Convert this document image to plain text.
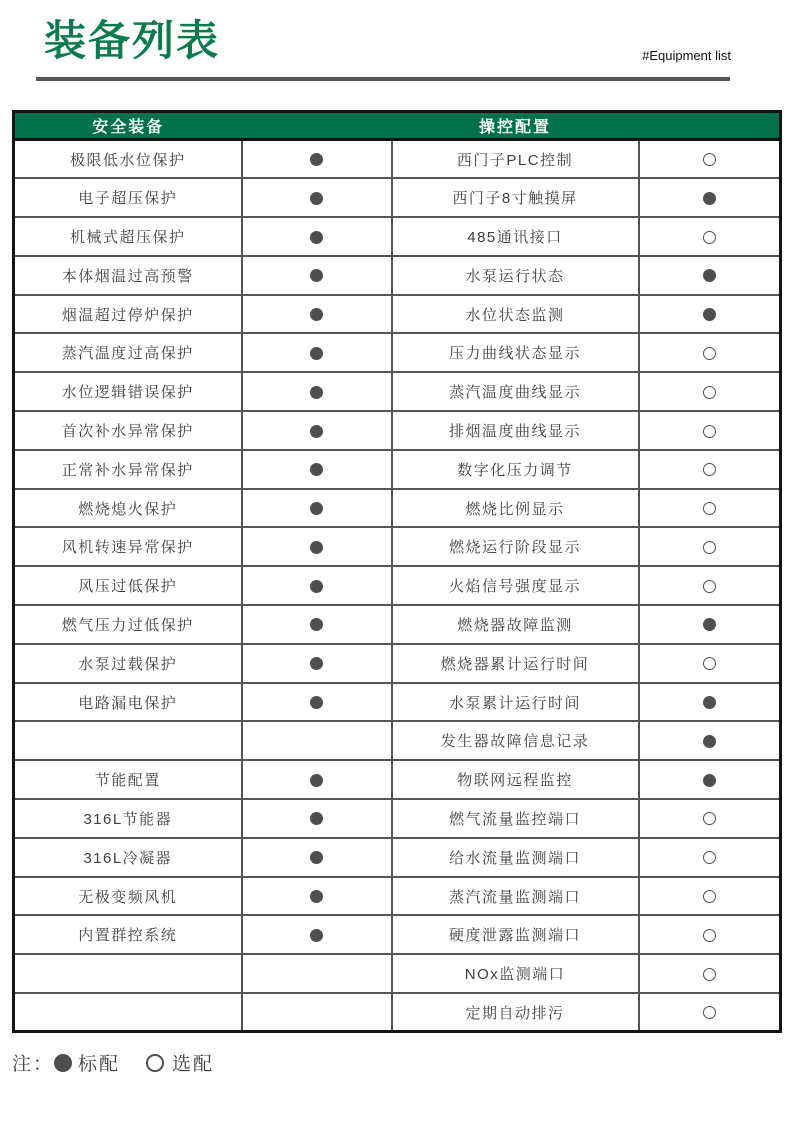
装备列表	#Equipment list
安全装备		操控配置	
极限低水位保护		西门子PLC控制	
电子超压保护		西门子8寸触摸屏	
机械式超压保护		485通讯接口	
本体烟温过高预警		水泵运行状态	
烟温超过停炉保护		水位状态监测	
蒸汽温度过高保护		压力曲线状态显示	
水位逻辑错误保护		蒸汽温度曲线显示	
首次补水异常保护		排烟温度曲线显示	
正常补水异常保护		数字化压力调节	
燃烧熄火保护		燃烧比例显示	
风机转速异常保护		燃烧运行阶段显示	
风压过低保护		火焰信号强度显示	
燃气压力过低保护		燃烧器故障监测	
水泵过载保护		燃烧器累计运行时间	
电路漏电保护		水泵累计运行时间	
		发生器故障信息记录	
节能配置		物联网远程监控	
316L节能器		燃气流量监控端口	
316L冷凝器		给水流量监测端口	
无极变频风机		蒸汽流量监测端口	
内置群控系统		硬度泄露监测端口	
		NOx监测端口	
		定期自动排污	
注： 标配	选配
